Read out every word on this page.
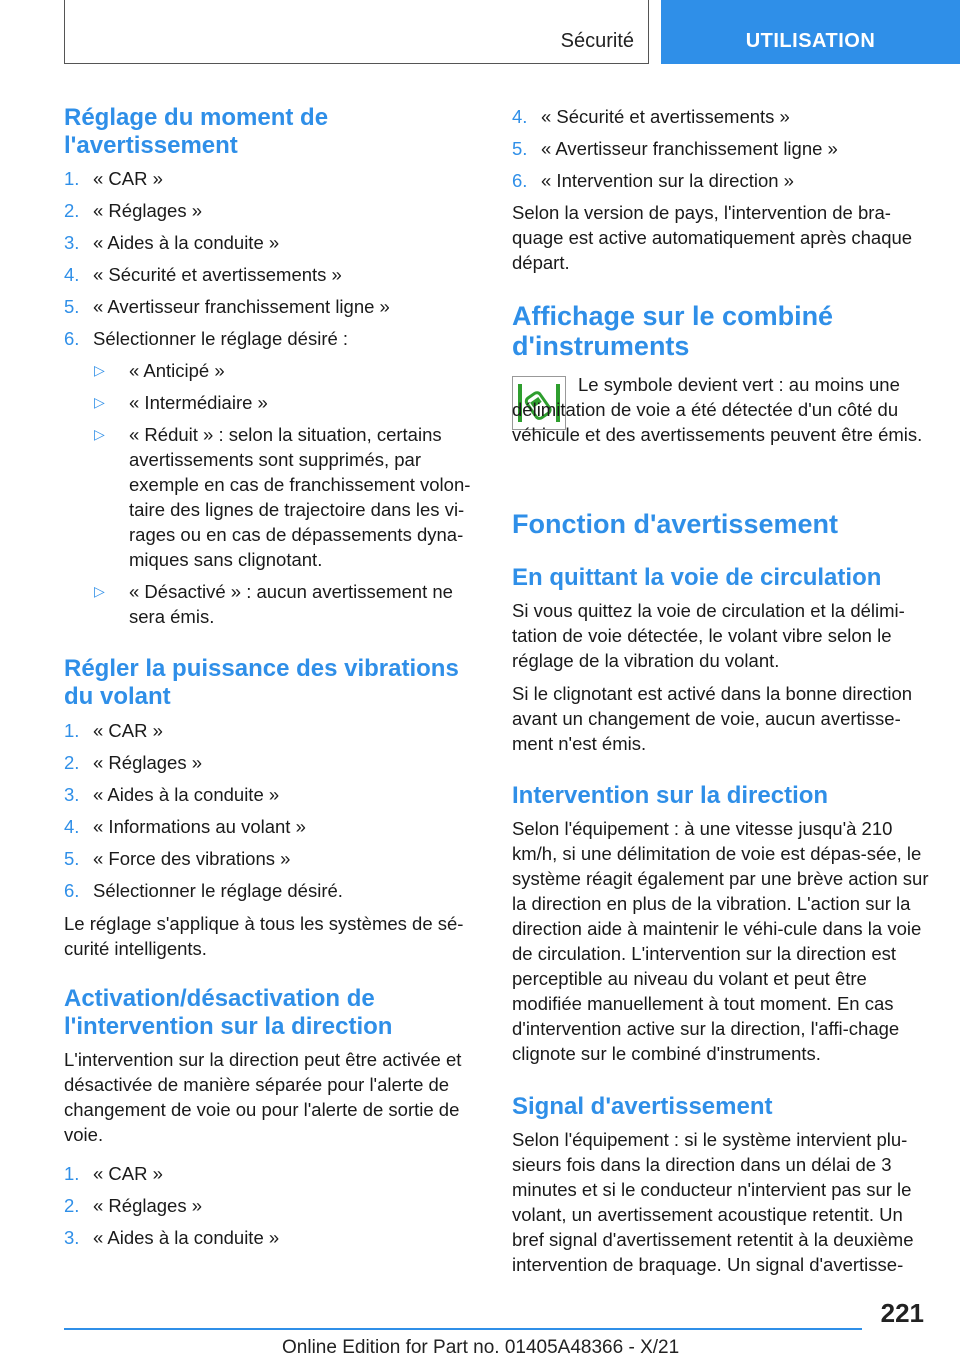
Sécurité	UTILISATION
Réglage du moment de l'avertissement
1. « CAR »
2. « Réglages »
3. « Aides à la conduite »
4. « Sécurité et avertissements »
5. « Avertisseur franchissement ligne »
6. Sélectionner le réglage désiré :
▷	« Anticipé »
▷	« Intermédiaire »
▷	« Réduit » : selon la situation, certains avertissements sont supprimés, par exemple en cas de franchissement volon-taire des lignes de trajectoire dans les vi-rages ou en cas de dépassements dyna-miques sans clignotant.
▷	« Désactivé » : aucun avertissement ne sera émis.
Régler la puissance des vibrations du volant
1. « CAR »
2. « Réglages »
3. « Aides à la conduite »
4. « Informations au volant »
5. « Force des vibrations »
6. Sélectionner le réglage désiré.

Le réglage s'applique à tous les systèmes de sé-curité intelligents.

Activation/désactivation de l'intervention sur la direction

L'intervention sur la direction peut être activée et désactivée de manière séparée pour l'alerte de changement de voie ou pour l'alerte de sortie de voie.

1. « CAR »
2. « Réglages »
3. « Aides à la conduite »
4. « Sécurité et avertissements »
5. « Avertisseur franchissement ligne »
6. « Intervention sur la direction »

Selon la version de pays, l'intervention de bra-quage est active automatiquement après chaque départ.

Affichage sur le combiné d'instruments

Le symbole devient vert : au moins une délimitation de voie a été détectée d'un côté du véhicule et des avertissements peuvent être émis.

Fonction d'avertissement
En quittant la voie de circulation

Si vous quittez la voie de circulation et la délimi-tation de voie détectée, le volant vibre selon le réglage de la vibration du volant.

Si le clignotant est activé dans la bonne direction avant un changement de voie, aucun avertisse-ment n'est émis.

Intervention sur la direction

Selon l'équipement : à une vitesse jusqu'à 210 km/h, si une délimitation de voie est dépas-sée, le système réagit également par une brève action sur la direction en plus de la vibration. L'action sur la direction aide à maintenir le véhi-cule dans la voie de circulation. L'intervention sur la direction est perceptible au niveau du volant et peut être modifiée manuellement à tout moment. En cas d'intervention active sur la direction, l'affi-chage clignote sur le combiné d'instruments.

Signal d'avertissement

Selon l'équipement : si le système intervient plu-sieurs fois dans la direction dans un délai de 3 minutes et si le conducteur n'intervient pas sur le volant, un avertissement acoustique retentit. Un bref signal d'avertissement retentit à la deuxième intervention de braquage. Un signal d'avertisse-

221
Online Edition for Part no. 01405A48366 - X/21
